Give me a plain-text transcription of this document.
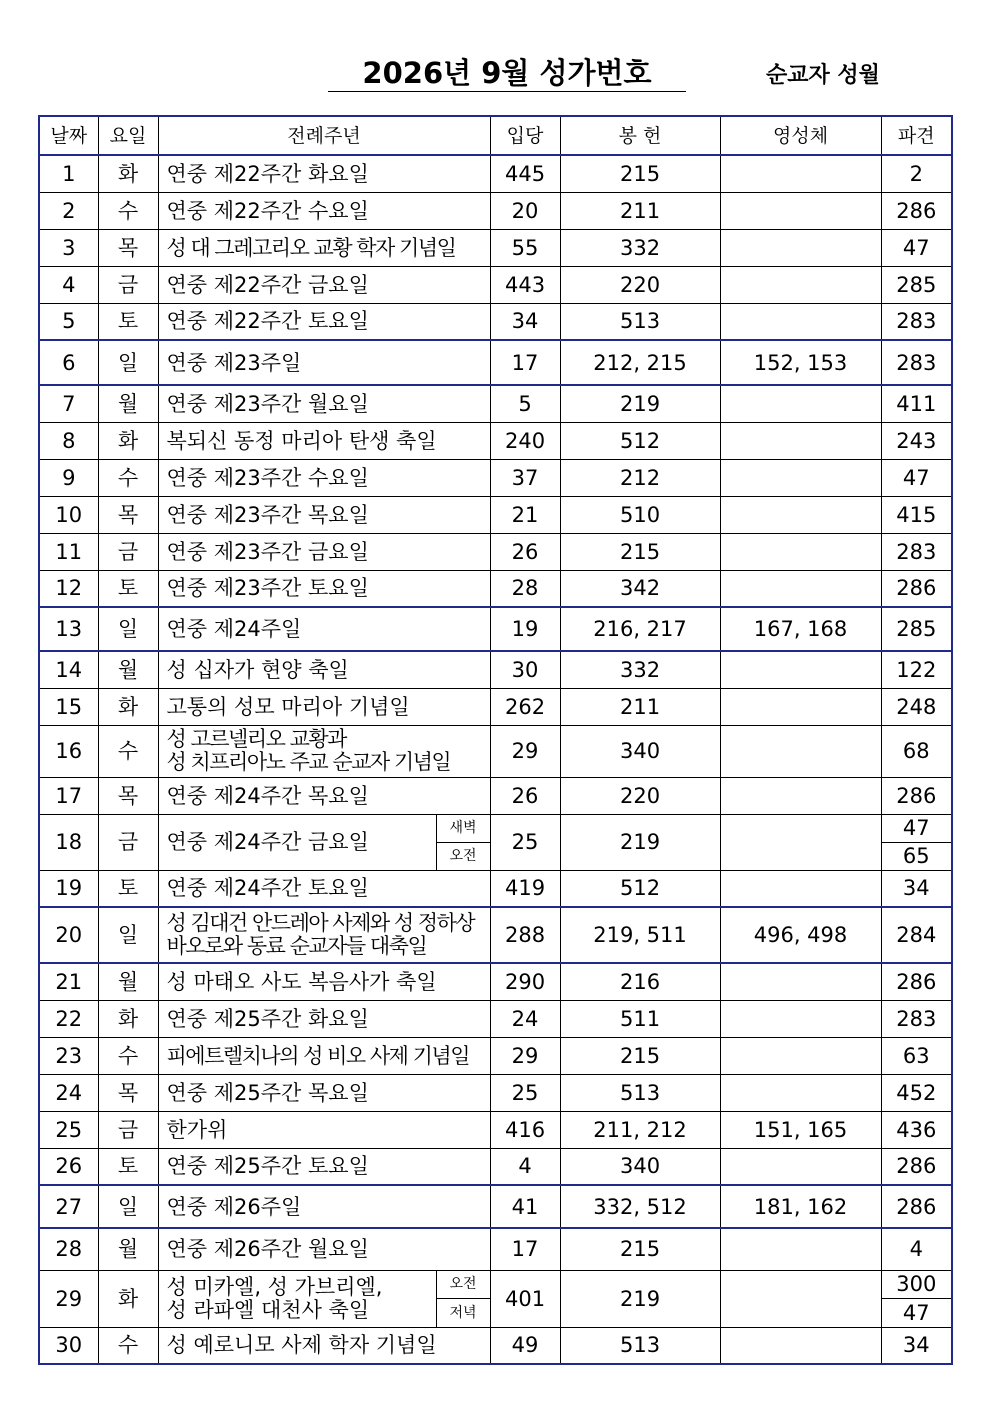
2026년 9월 성가번호	순교자 성월
날짜	요일	전례주년		입당	봉 헌	영성체	파견
1	화	연중 제22주간 화요일		445	215		2
2	수	연중 제22주간 수요일		20	211		286
3	목	성 대 그레고리오 교황 학자 기념일		55	332		47
4	금	연중 제22주간 금요일		443	220		285
5	토	연중 제22주간 토요일		34	513		283
6	일	연중 제23주일		17	212, 215	152, 153	283
7	월	연중 제23주간 월요일		5	219		411
8	화	복되신 동정 마리아 탄생 축일		240	512		243
9	수	연중 제23주간 수요일		37	212		47
10	목	연중 제23주간 목요일		21	510		415
11	금	연중 제23주간 금요일		26	215		283
12	토	연중 제23주간 토요일		28	342		286
13	일	연중 제24주일		19	216, 217	167, 168	285
14	월	성 십자가 현양 축일		30	332		122
15	화	고통의 성모 마리아 기념일		262	211		248
16	수	성 고르넬리오 교황과
성 치프리아노 주교 순교자 기념일		29	340		68
17	목	연중 제24주간 목요일		26	220		286
18	금	연중 제24주간 금요일	새벽	25	219		47
			오전				65
19	토	연중 제24주간 토요일		419	512		34
20	일	성 김대건 안드레아 사제와 성 정하상
바오로와 동료 순교자들 대축일		288	219, 511	496, 498	284
21	월	성 마태오 사도 복음사가 축일		290	216		286
22	화	연중 제25주간 화요일		24	511		283
23	수	피에트렐치나의 성 비오 사제 기념일		29	215		63
24	목	연중 제25주간 목요일		25	513		452
25	금	한가위		416	211, 212	151, 165	436
26	토	연중 제25주간 토요일		4	340		286
27	일	연중 제26주일		41	332, 512	181, 162	286
28	월	연중 제26주간 월요일		17	215		4
29	화	성 미카엘, 성 가브리엘,
성 라파엘 대천사 축일	오전	401	219		300
			저녁				47
30	수	성 예로니모 사제 학자 기념일		49	513		34
